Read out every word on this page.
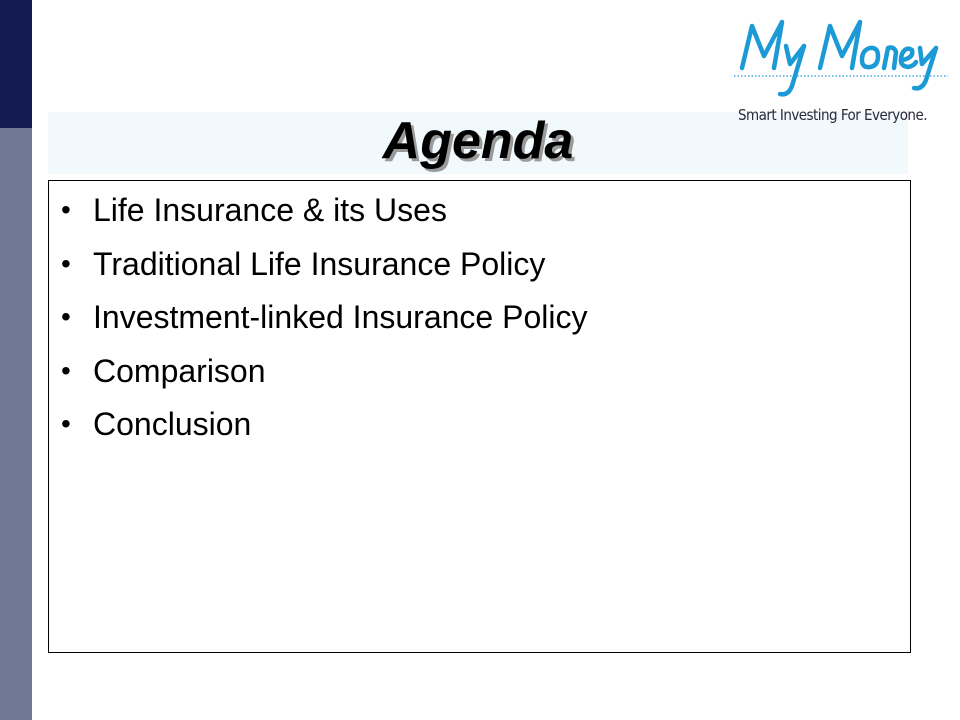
Agenda	Smart Investing For Everyone.
• Life Insurance & its Uses
• Traditional Life Insurance Policy
• Investment-linked Insurance Policy
• Comparison
• Conclusion
